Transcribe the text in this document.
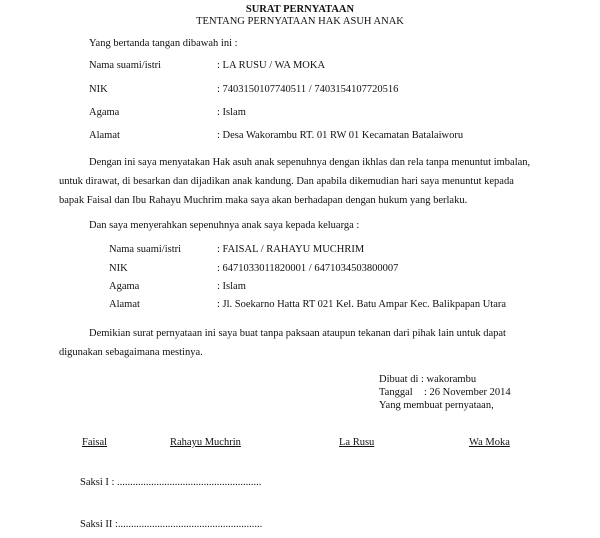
SURAT PERNYATAAN
TENTANG PERNYATAAN HAK ASUH ANAK
Yang bertanda tangan dibawah ini :
Nama suami/istri	: LA RUSU / WA MOKA
NIK	: 7403150107740511 / 7403154107720516
Agama	: Islam
Alamat	: Desa Wakorambu RT. 01 RW 01 Kecamatan Batalaiworu
Dengan ini saya menyatakan Hak asuh anak sepenuhnya dengan ikhlas dan rela tanpa menuntut imbalan,
untuk dirawat, di besarkan dan dijadikan anak kandung. Dan apabila dikemudian hari saya menuntut kepada
bapak Faisal dan Ibu Rahayu Muchrim maka saya akan berhadapan dengan hukum yang berlaku.
Dan saya menyerahkan sepenuhnya anak saya kepada keluarga :
Nama suami/istri	: FAISAL / RAHAYU MUCHRIM
NIK	: 6471033011820001 / 6471034503800007
Agama	: Islam
Alamat	: Jl. Soekarno Hatta RT 021 Kel. Batu Ampar Kec. Balikpapan Utara
Demikian surat pernyataan ini saya buat tanpa paksaan ataupun tekanan dari pihak lain untuk dapat
digunakan sebagaimana mestinya.
Dibuat di : wakorambu
Tanggal : 26 November 2014
Yang membuat pernyataan,
Faisal	Rahayu Muchrin	La Rusu	Wa Moka
Saksi I : .......................................................
Saksi II :.......................................................
